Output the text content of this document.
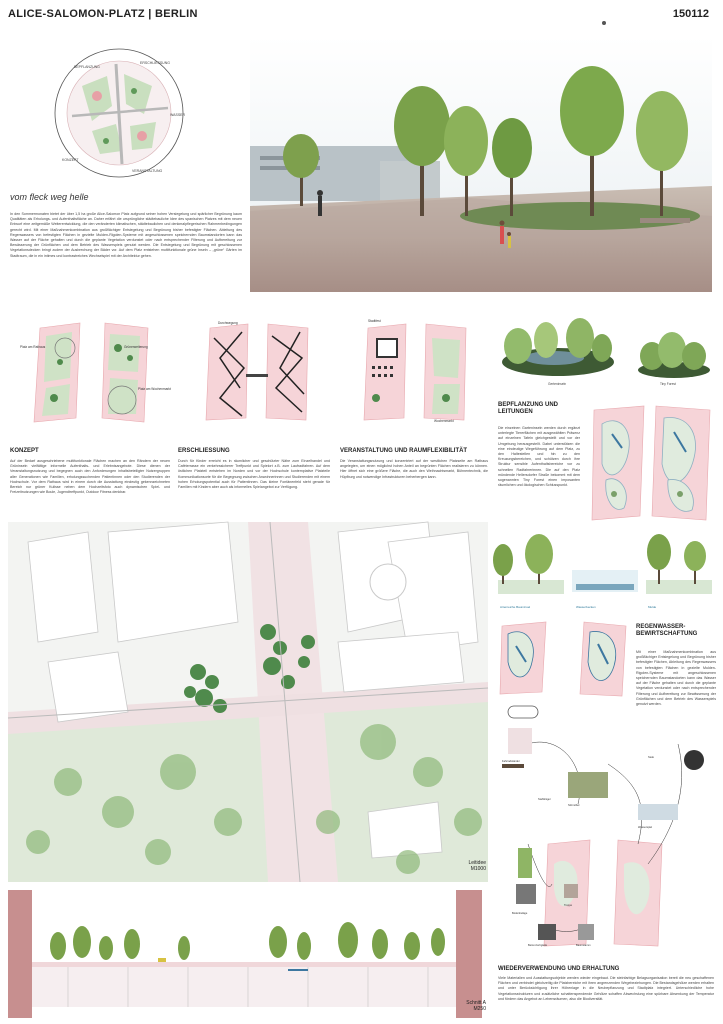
ALICE-SALOMON-PLATZ | BERLIN	150112
BEPFLANZUNG
ERSCHLIESSUNG
WASSER
KONZEPT
VERANSTALTUNG
vom fleck weg helle
In den Sommermonaten bietet der über 1,5 ha große Alice-Salomon Platz aufgrund seiner hohen Versiegelung und spärlicher Begrünung kaum Qualitäten als Erholungs- und Aufenthaltsfläche an. Daher erfährt die ursprüngliche städtebauliche Idee des spanischen Platzes mit dem neuen Entwurf eine zeitgemäße Weiterentwicklung, die den veränderten klimatischen, städtebaulichen und denkmalpflegerischen Rahmenbedingungen gerecht wird. Mit einer Maßnahmenkombination aus großflächiger Entsiegelung und Begrünung bisher befestigter Flächen. Ableitung des Regenwassers von befestigten Flächen in gezielte Mulden-Rigolen-Systeme mit angeschlossenen speichernden Baumstandorten kann das Wasser auf der Fläche gehalten und durch die geplante Vegetation verdunstet oder nach entsprechender Filterung und Aufbereitung zur Bewässerung der Grünflächen und dem Betrieb des Wasserspiels genutzt werden. Die Entsiegelung und Begrünung mit geschlossenen Vegetationsdecken bringt zudem der Ausbrechung der Bäder vor. Auf dem Platz entstehen multifunktionale grüne Inseln – „grüne“ Gärten im Stadtraum, die in ein intimes und kontrastreiches Wechselspiel mit der Architektur gehen.
Platz am Rathaus	Grünerweiterung
Platz am Wochenmarkt
Durchwegung	Stadtfest
Wochenmarkt
KONZEPT
Auf der Bedarf ausgeschriebene multifunktionale Flächen machen an den Rändern der neuen Grüninseln vielfältige informelle Aufenthalts- und Erlebnisangebote. Diese dienen der Veranstaltungsnutzung und begegnen auch den Anforderungen inhaltsbeteiligter Nutzergruppen aller Generationen wie Familien, erholungssuchenden Patientinnen oder den Studierenden der Hochschule. Vor dem Rathaus wird in einem durch die Ausstattung eindeutig gekennzeichneten Bereich nur grüner Kulisse neben dem Hochzeitsfoto auch dynamischen Spiel- und Freizeitnutzungen wie Boule, Jugendtreffpunkt, Outdoor Fitness denkbar.
ERSCHLIESSUNG
Durch für Kinder erreicht es in räumlicher und geschützter Nähe zum Einzelhandel und Caféterrasse ein verkehrssicherer Treffpunkt und Spielort z.B. zum Laufradfahren. Auf dem östlichen Platzteil entstehen im Norden und vor der Hochschule kontemplative Platzteile Kommunikationsorte für die Begegnung zwischen Anwohnerinnen und Studierenden mit einem hohen Erholungspotential auch für Patientinnen. Das kleine Fontänenfeld steht gerade für Familien mit Kindern aber auch als informelles Spielangebot zur Verfügung.
VERANSTALTUNG UND RAUMFLEXIBILITÄT
Die Veranstaltungsnutzung und konzentriert auf der westlichen Platzseite am Rathaus angelegten, um einen möglichst hohen Anteil an begrünten Flächen realisieren zu können. Hier öffnet sich eine größere Fläche, die auch den Weihnachtsmarkt, Bühnentechnik, die Hüpfburg und notwendige Infrastrukturen beherbergen kann.
Gerteninseln	Tiny Forest
BEPFLANZUNG UND LEITUNGEN
Die einzelnen Garteninseln werden durch ergänzt unterlegte Tiererflächen mit ausgewählten Präsenz auf einzelnen Tafeln gleichgestellt und vor der Umgebung herausgestellt. Dabei unterstützen die eine eindeutige Wegeführung auf dem Platz, zu den Haltestellen und hin zu den Kreuzungsbereichen, und schützen durch ihre Struktur sensible Aufenthaltsbereiche vor zu schnellen Radfahrerinnen. Die auf den Platz mündende Hellersdorfer Straße bekommt mit dem sogenannten Tiny Forest einen imposanten räumlichen und ökologischen Schlusspunkt.
Leitidee
M1000
Artenreiche Bauminsel	Wasserbecken	Mulde
REGENWASSER-BEWIRTSCHAFTUNG
Mit einer Maßnahmenkombination aus großflächiger Entsiegelung und Begrünung bisher befestigter Flächen, Ableitung des Regenwassers von befestigten Flächen in gezielte Mulden-Rigolen-Systeme mit angeschlossenen speichernden Baumstandorten kann das Wasser auf der Fläche gehalten und durch die geplante Vegetation verdunstet oder nach entsprechender Filterung und Aufbereitung zur Bewässerung der Grünflächen und dem Betrieb des Wasserspiels genutzt werden.
Fahrradständer
Sitzmöbel
Stele
Wasserspiel
Stahlträger
Bodenbeläge
Treppe
Beton-Fertigteile	Baumstamm
Schnitt A
M250
WIEDERVERWENDUNG UND ERHALTUNG
Viele Materialien und Ausstattungsobjekte werden wieder eingebaut. Die steinfarbige Belagsorganisation bereit die neu geschaffenen Flächen und verbindet gleichzeitig die Platzbereiche mit ihren angrenzenden Wegebeziehungen. Die Bestandsgehölze werden erhalten und unter Berücksichtigung ihrer Höhenlage in die Neubepflanzung und Stadtplatz integriert. Unterschiedliche hohe Vegetationsstrukturen und zusätzliche schattenspendende Gehölze schaffen Abwechslung eine spürbare Absenkung der Temperatur und fördern das Angebot an Lebensräumen, also die Biodiversität.
